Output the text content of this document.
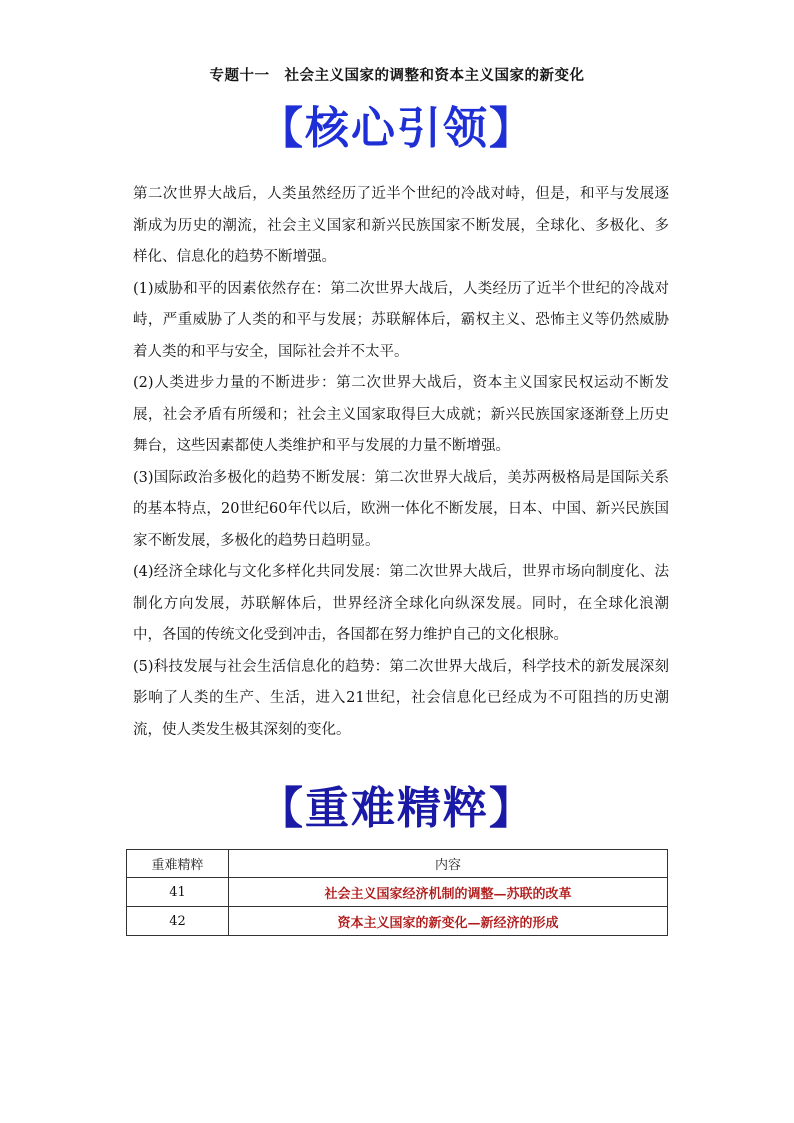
专题十一　社会主义国家的调整和资本主义国家的新变化
【核心引领】

第二次世界大战后，人类虽然经历了近半个世纪的冷战对峙，但是，和平与发展逐渐成为历史的潮流，社会主义国家和新兴民族国家不断发展，全球化、多极化、多样化、信息化的趋势不断增强。

(1)威胁和平的因素依然存在：第二次世界大战后，人类经历了近半个世纪的冷战对峙，严重威胁了人类的和平与发展；苏联解体后，霸权主义、恐怖主义等仍然威胁着人类的和平与安全，国际社会并不太平。

(2)人类进步力量的不断进步：第二次世界大战后，资本主义国家民权运动不断发展，社会矛盾有所缓和；社会主义国家取得巨大成就；新兴民族国家逐渐登上历史舞台，这些因素都使人类维护和平与发展的力量不断增强。

(3)国际政治多极化的趋势不断发展：第二次世界大战后，美苏两极格局是国际关系的基本特点，20世纪60年代以后，欧洲一体化不断发展，日本、中国、新兴民族国家不断发展，多极化的趋势日趋明显。

(4)经济全球化与文化多样化共同发展：第二次世界大战后，世界市场向制度化、法制化方向发展，苏联解体后，世界经济全球化向纵深发展。同时，在全球化浪潮中，各国的传统文化受到冲击，各国都在努力维护自己的文化根脉。

(5)科技发展与社会生活信息化的趋势：第二次世界大战后，科学技术的新发展深刻影响了人类的生产、生活，进入21世纪，社会信息化已经成为不可阻挡的历史潮流，使人类发生极其深刻的变化。

【重难精粹】
重难精粹	内容
41	社会主义国家经济机制的调整—苏联的改革
42	资本主义国家的新变化—新经济的形成
